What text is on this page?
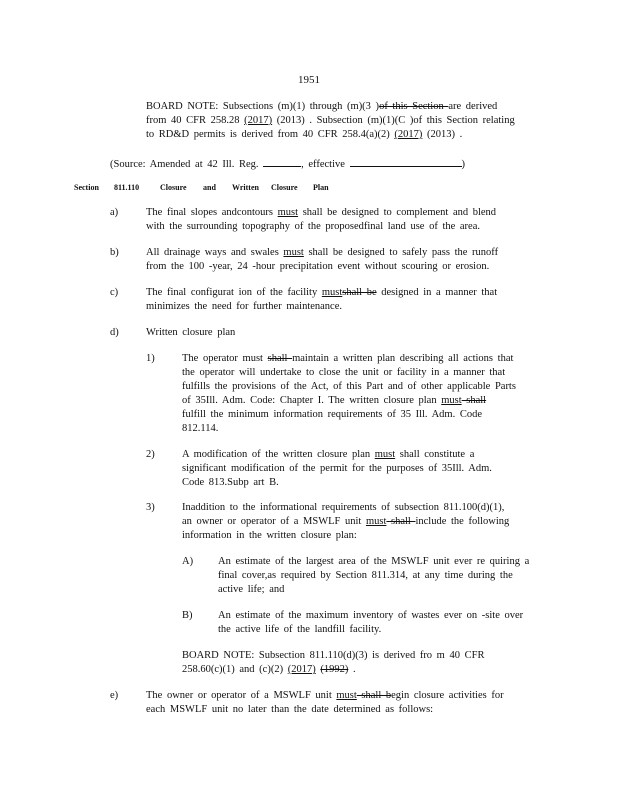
1951
BOARD NOTE: Subsections (m)(1) through (m)(3 )of this Section are derived
from 40 CFR 258.28 (2017) (2013) . Subsection (m)(1)(C )of this Section relating
to RD&D permits is derived from 40 CFR 258.4(a)(2) (2017) (2013) .
(Source: Amended at 42 Ill. Reg.	, effective	)
Section 811.110	Closure and Written Closure Plan
a)	The final slopes andcontours must shall be designed to complement and blend
with the surrounding topography of the proposedfinal land use of the area.
b)	All drainage ways and swales must shall be designed to safely pass the runoff
from the 100 -year, 24 -hour precipitation event without scouring or erosion.
c)	The final configurat ion of the facility mustshall be designed in a manner that
minimizes the need for further maintenance.
d)	Written closure plan
1)	The operator must shall maintain a written plan describing all actions that
the operator will undertake to close the unit or facility in a manner that
fulfills the provisions of the Act, of this Part and of other applicable Parts
of 35Ill. Adm. Code: Chapter I. The written closure plan must shall
fulfill the minimum information requirements of 35 Ill. Adm. Code
812.114.
2)	A modification of the written closure plan must shall constitute a
significant modification of the permit for the purposes of 35Ill. Adm.
Code 813.Subp art B.
3)	Inaddition to the informational requirements of subsection 811.100(d)(1),
an owner or operator of a MSWLF unit must shall include the following
information in the written closure plan:
A) An estimate of the largest area of the MSWLF unit ever re quiring a
final cover,as required by Section 811.314, at any time during the
active life; and
B) An estimate of the maximum inventory of wastes ever on -site over
the active life of the landfill facility.
BOARD NOTE: Subsection 811.110(d)(3) is derived fro m 40 CFR
258.60(c)(1) and (c)(2) (2017) (1992) .
e)	The owner or operator of a MSWLF unit must shall begin closure activities for
each MSWLF unit no later than the date determined as follows:
